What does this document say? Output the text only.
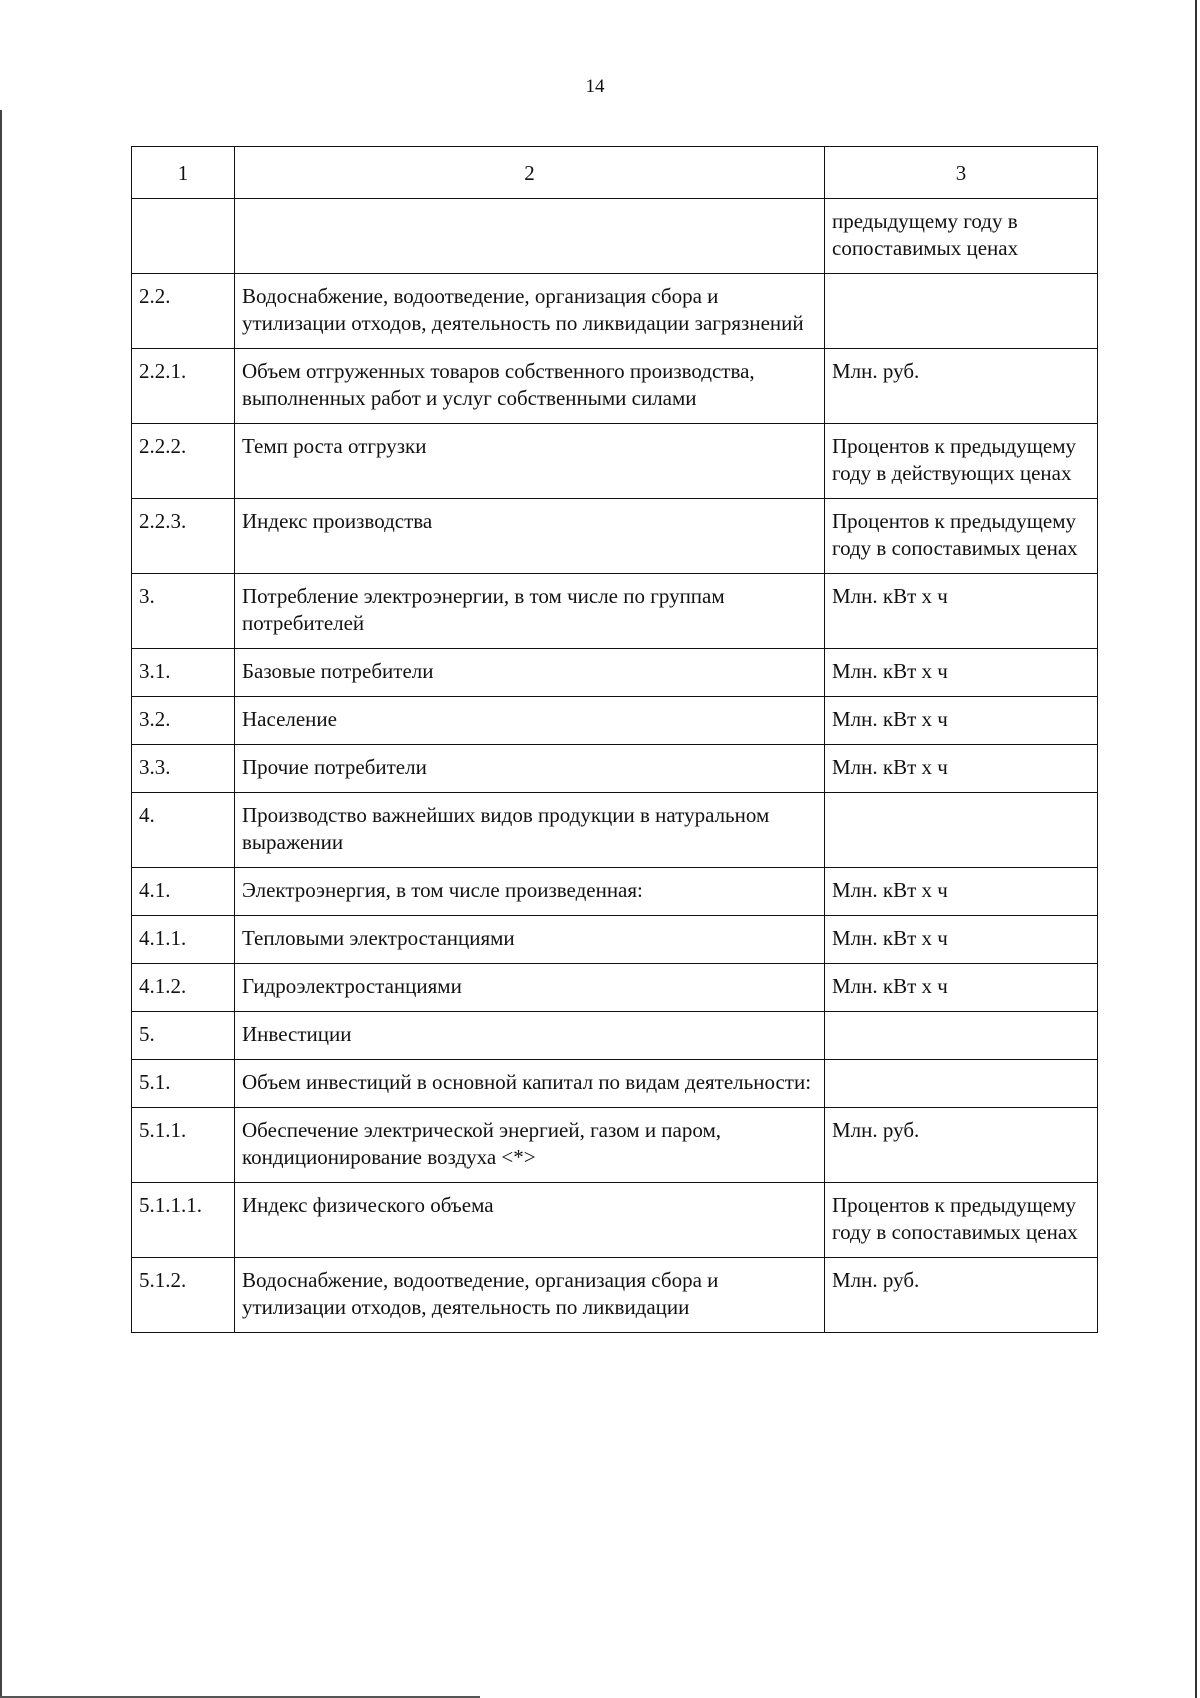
14
1	2	3
		предыдущему году в сопоставимых ценах
2.2.	Водоснабжение, водоотведение, организация сбора и утилизации отходов, деятельность по ликвидации загрязнений	
2.2.1.	Объем отгруженных товаров собственного производства, выполненных работ и услуг собственными силами	Млн. руб.
2.2.2.	Темп роста отгрузки	Процентов к предыдущему году в действующих ценах
2.2.3.	Индекс производства	Процентов к предыдущему году в сопоставимых ценах
3.	Потребление электроэнергии, в том числе по группам потребителей	Млн. кВт х ч
3.1.	Базовые потребители	Млн. кВт х ч
3.2.	Население	Млн. кВт х ч
3.3.	Прочие потребители	Млн. кВт х ч
4.	Производство важнейших видов продукции в натуральном выражении	
4.1.	Электроэнергия, в том числе произведенная:	Млн. кВт х ч
4.1.1.	Тепловыми электростанциями	Млн. кВт х ч
4.1.2.	Гидроэлектростанциями	Млн. кВт х ч
5.	Инвестиции	
5.1.	Объем инвестиций в основной капитал по видам деятельности:	
5.1.1.	Обеспечение электрической энергией, газом и паром, кондиционирование воздуха <*>	Млн. руб.
5.1.1.1.	Индекс физического объема	Процентов к предыдущему году в сопоставимых ценах
5.1.2.	Водоснабжение, водоотведение, организация сбора и утилизации отходов, деятельность по ликвидации	Млн. руб.
